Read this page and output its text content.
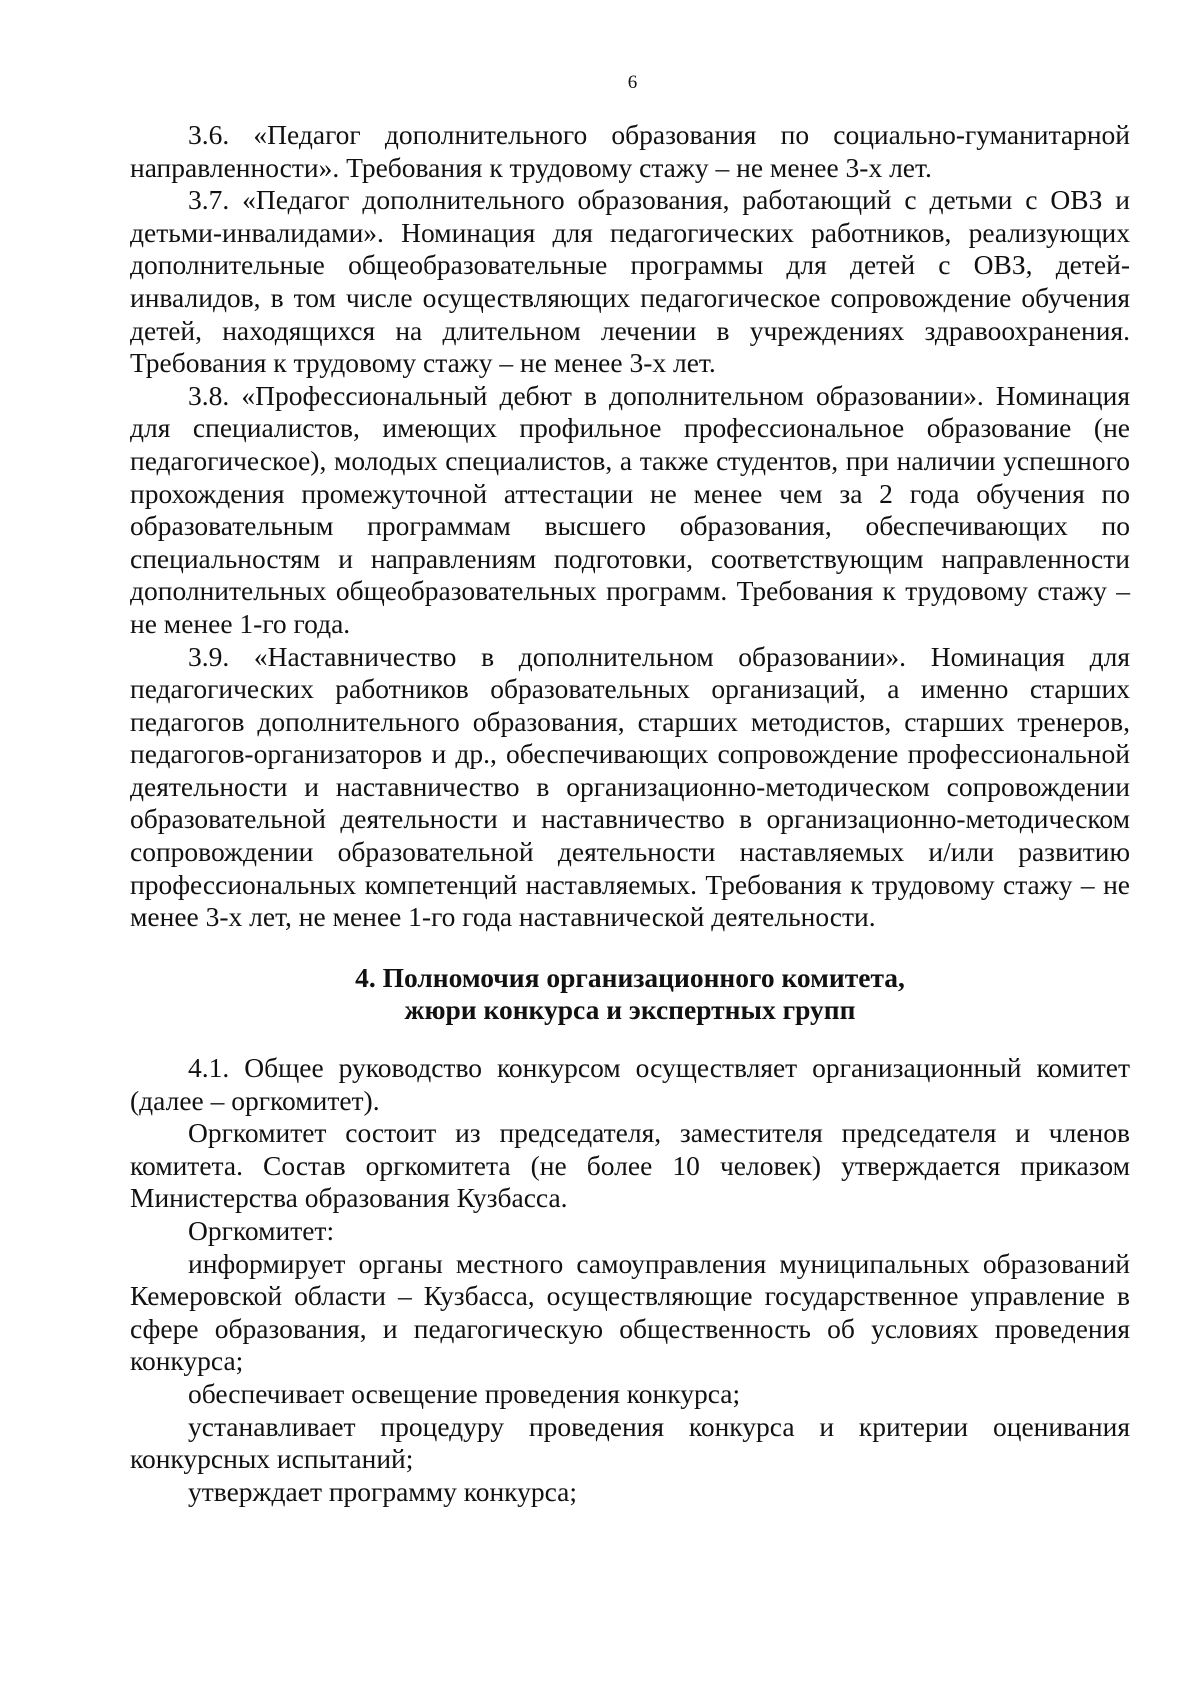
6

3.6. «Педагог дополнительного образования по социально-гуманитарной направленности». Требования к трудовому стажу – не менее 3-х лет.

3.7. «Педагог дополнительного образования, работающий с детьми с ОВЗ и детьми-инвалидами». Номинация для педагогических работников, реализующих дополнительные общеобразовательные программы для детей с ОВЗ, детей-инвалидов, в том числе осуществляющих педагогическое сопровождение обучения детей, находящихся на длительном лечении в учреждениях здравоохранения. Требования к трудовому стажу – не менее 3-х лет.

3.8. «Профессиональный дебют в дополнительном образовании». Номинация для специалистов, имеющих профильное профессиональное образование (не педагогическое), молодых специалистов, а также студентов, при наличии успешного прохождения промежуточной аттестации не менее чем за 2 года обучения по образовательным программам высшего образования, обеспечивающих по специальностям и направлениям подготовки, соответствующим направленности дополнительных общеобразовательных программ. Требования к трудовому стажу – не менее 1-го года.

3.9. «Наставничество в дополнительном образовании». Номинация для педагогических работников образовательных организаций, а именно старших педагогов дополнительного образования, старших методистов, старших тренеров, педагогов-организаторов и др., обеспечивающих сопровождение профессиональной деятельности и наставничество в организационно-методическом сопровождении образовательной деятельности и наставничество в организационно-методическом сопровождении образовательной деятельности наставляемых и/или развитию профессиональных компетенций наставляемых. Требования к трудовому стажу – не менее 3-х лет, не менее 1-го года наставнической деятельности.

4. Полномочия организационного комитета,

жюри конкурса и экспертных групп

4.1. Общее руководство конкурсом осуществляет организационный комитет (далее – оргкомитет).

Оргкомитет состоит из председателя, заместителя председателя и членов комитета. Состав оргкомитета (не более 10 человек) утверждается приказом Министерства образования Кузбасса.

Оргкомитет:

информирует органы местного самоуправления муниципальных образований Кемеровской области – Кузбасса, осуществляющие государственное управление в сфере образования, и педагогическую общественность об условиях проведения конкурса;

обеспечивает освещение проведения конкурса;

устанавливает процедуру проведения конкурса и критерии оценивания конкурсных испытаний;

утверждает программу конкурса;
